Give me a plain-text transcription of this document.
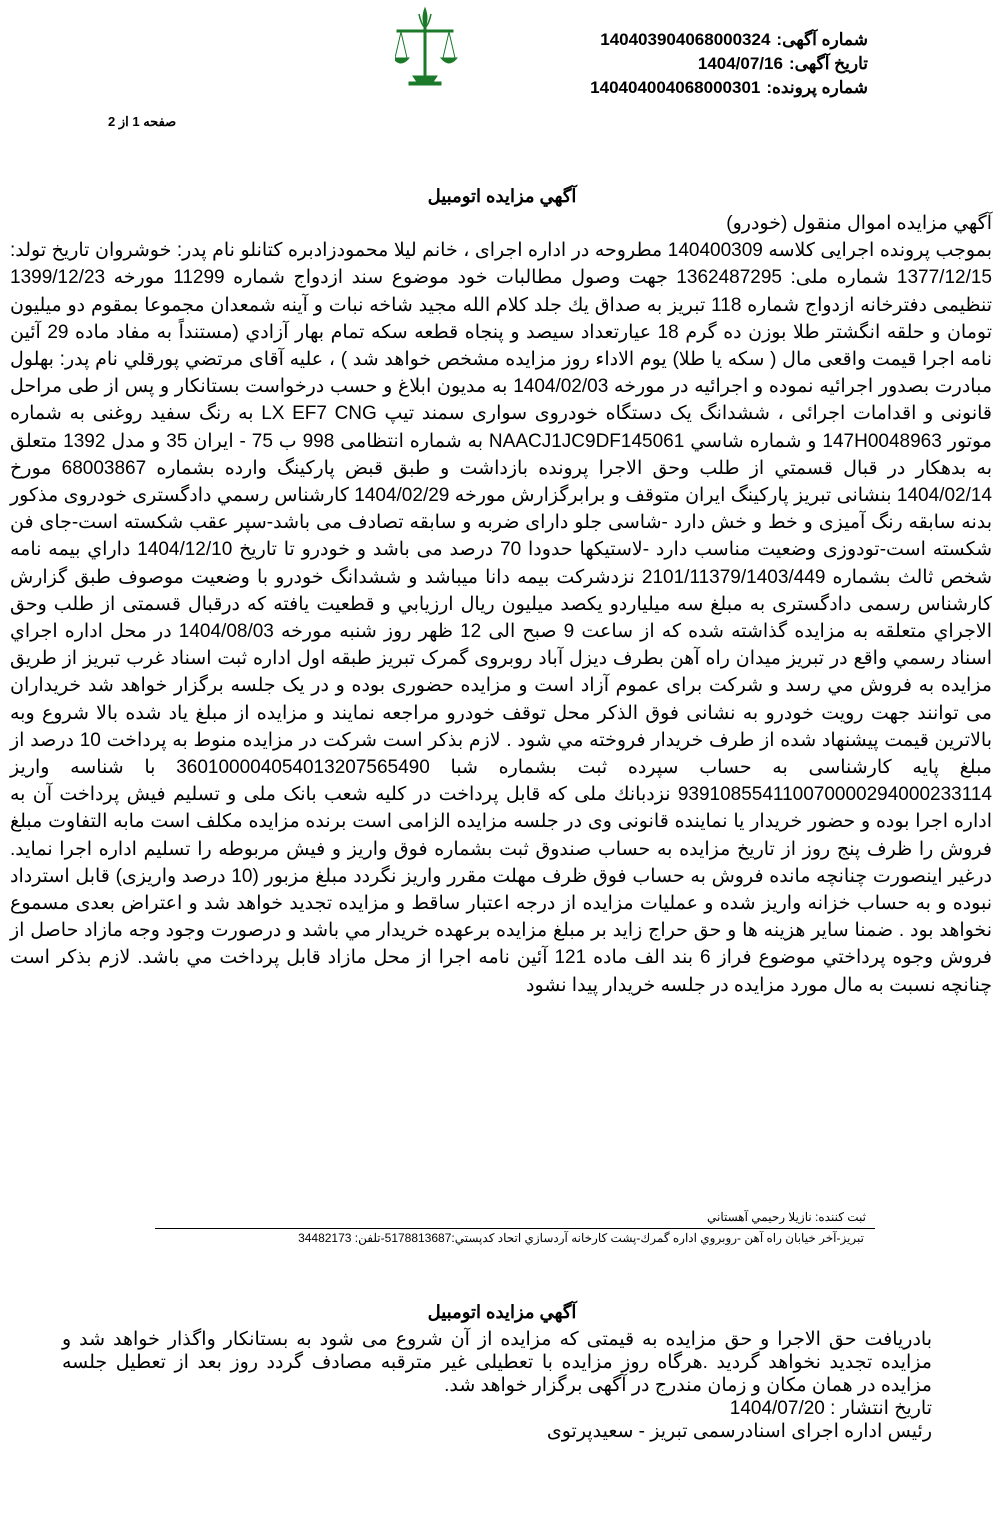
شماره آگهی:140403904068000324
تاریخ آگهی:1404/07/16
شماره پرونده:140404004068000301
صفحه 1 از 2
آگهي مزايده اتومبيل
آگهي مزايده اموال منقول (خودرو)
بموجب پرونده اجرایی کلاسه 140400309 مطروحه در اداره اجرای ، خانم لیلا محمودزادبره کتانلو نام پدر: خوشروان تاریخ تولد: 1377/12/15 شماره ملی: 1362487295 جهت وصول مطالبات خود موضوع سند ازدواج شماره 11299 مورخه 1399/12/23 تنظیمی دفترخانه ازدواج شماره 118 تبریز به صداق یك جلد کلام الله مجید شاخه نبات و آینه شمعدان مجموعا بمقوم دو میلیون تومان و حلقه انگشتر طلا بوزن ده گرم 18 عیارتعداد سیصد و پنجاه قطعه سکه تمام بهار آزادي (مستنداً به مفاد ماده 29 آئین نامه اجرا قیمت واقعی مال ( سکه یا طلا) یوم الاداء روز مزایده مشخص خواهد شد ) ، علیه آقای مرتضي پورقلي نام پدر: بهلول مبادرت بصدور اجرائیه نموده و اجرائیه در مورخه 1404/02/03 به مدیون ابلاغ و حسب درخواست بستانکار و پس از طی مراحل قانونی و اقدامات اجرائی ، ششدانگ یک دستگاه خودروی سواری سمند تیپ LX EF7 CNG به رنگ سفید روغنی به شماره موتور 147H0048963 و شماره شاسي NAACJ1JC9DF145061 به شماره انتظامی 998 ب 75 - ایران 35 و مدل 1392 متعلق به بدهکار در قبال قسمتي از طلب وحق الاجرا پرونده بازداشت و طبق قبض پارکینگ وارده بشماره 68003867 مورخ 1404/02/14 بنشانی تبریز پارکینگ ایران متوقف و برابرگزارش مورخه 1404/02/29 کارشناس رسمي دادگستری خودروی مذکور بدنه سابقه رنگ آمیزی و خط و خش دارد -شاسی جلو دارای ضربه و سابقه تصادف می باشد-سپر عقب شکسته است-جای فن شکسته است-تودوزی وضعیت مناسب دارد -لاستیکها حدودا 70 درصد می باشد و خودرو تا تاریخ 1404/12/10 داراي بیمه نامه شخص ثالث بشماره 2101/11379/1403/449 نزدشرکت بیمه دانا میباشد و ششدانگ خودرو با وضعیت موصوف طبق گزارش کارشناس رسمی دادگستری به مبلغ سه میلیاردو یکصد میلیون ریال ارزيابي و قطعیت یافته که درقبال قسمتی از طلب وحق الاجراي متعلقه به مزايده گذاشته شده که از ساعت 9 صبح الی 12 ظهر روز شنبه مورخه 1404/08/03 در محل اداره اجراي اسناد رسمي واقع در تبریز میدان راه آهن بطرف دیزل آباد روبروی گمرک تبریز طبقه اول اداره ثبت اسناد غرب تبریز از طريق مزايده به فروش مي رسد و شرکت برای عموم آزاد است و مزایده حضوری بوده و در یک جلسه برگزار خواهد شد خریداران می توانند جهت رویت خودرو به نشانی فوق الذکر محل توقف خودرو مراجعه نمایند و مزایده از مبلغ یاد شده بالا شروع وبه بالاترین قیمت پیشنهاد شده از طرف خريدار فروخته مي شود . لازم بذکر است شرکت در مزایده منوط به پرداخت 10 درصد از مبلغ پایه کارشناسی به حساب سپرده ثبت بشماره شبا 360100004054013207565490 با شناسه واریز 939108554110070000294000233114 نزدبانك ملی که قابل پرداخت در کلیه شعب بانک ملی و تسلیم فیش پرداخت آن به اداره اجرا بوده و حضور خریدار یا نماینده قانونی وی در جلسه مزایده الزامی است برنده مزایده مکلف است مابه التفاوت مبلغ فروش را ظرف پنج روز از تاریخ مزایده به حساب صندوق ثبت بشماره فوق واریز و فیش مربوطه را تسلیم اداره اجرا نماید. درغیر اینصورت چنانچه مانده فروش به حساب فوق ظرف مهلت مقرر واریز نگردد مبلغ مزبور (10 درصد واریزی) قابل استرداد نبوده و به حساب خزانه واریز شده و عملیات مزایده از درجه اعتبار ساقط و مزایده تجدید خواهد شد و اعتراض بعدی مسموع نخواهد بود . ضمنا سایر هزینه ها و حق حراج زاید بر مبلغ مزایده برعهده خريدار مي باشد و درصورت وجود وجه مازاد حاصل از فروش وجوه پرداختي موضوع فراز 6 بند الف ماده 121 آئین نامه اجرا از محل مازاد قابل پرداخت مي باشد. لازم بذکر است چنانچه نسبت به مال مورد مزایده در جلسه خريدار پیدا نشود
ثبت کننده: نازیلا رحیمي آهستاني
تبريز-آخر خيابان راه آهن -روبروي اداره گمرك-پشت كارخانه آردسازي اتحاد كدپستي:5178813687-تلفن: 34482173
آگهي مزايده اتومبيل
بادریافت حق الاجرا و حق مزایده به قیمتی که مزایده از آن شروع می شود به بستانکار واگذار خواهد شد و مزایده تجدید نخواهد گردید .هرگاه روز مزایده با تعطیلی غیر مترقبه مصادف گردد روز بعد از تعطیل جلسه مزایده در همان مکان و زمان مندرج در آگهی برگزار خواهد شد.
تاریخ انتشار : 1404/07/20
رئیس اداره اجرای اسنادرسمی تبریز - سعیدپرتوی
